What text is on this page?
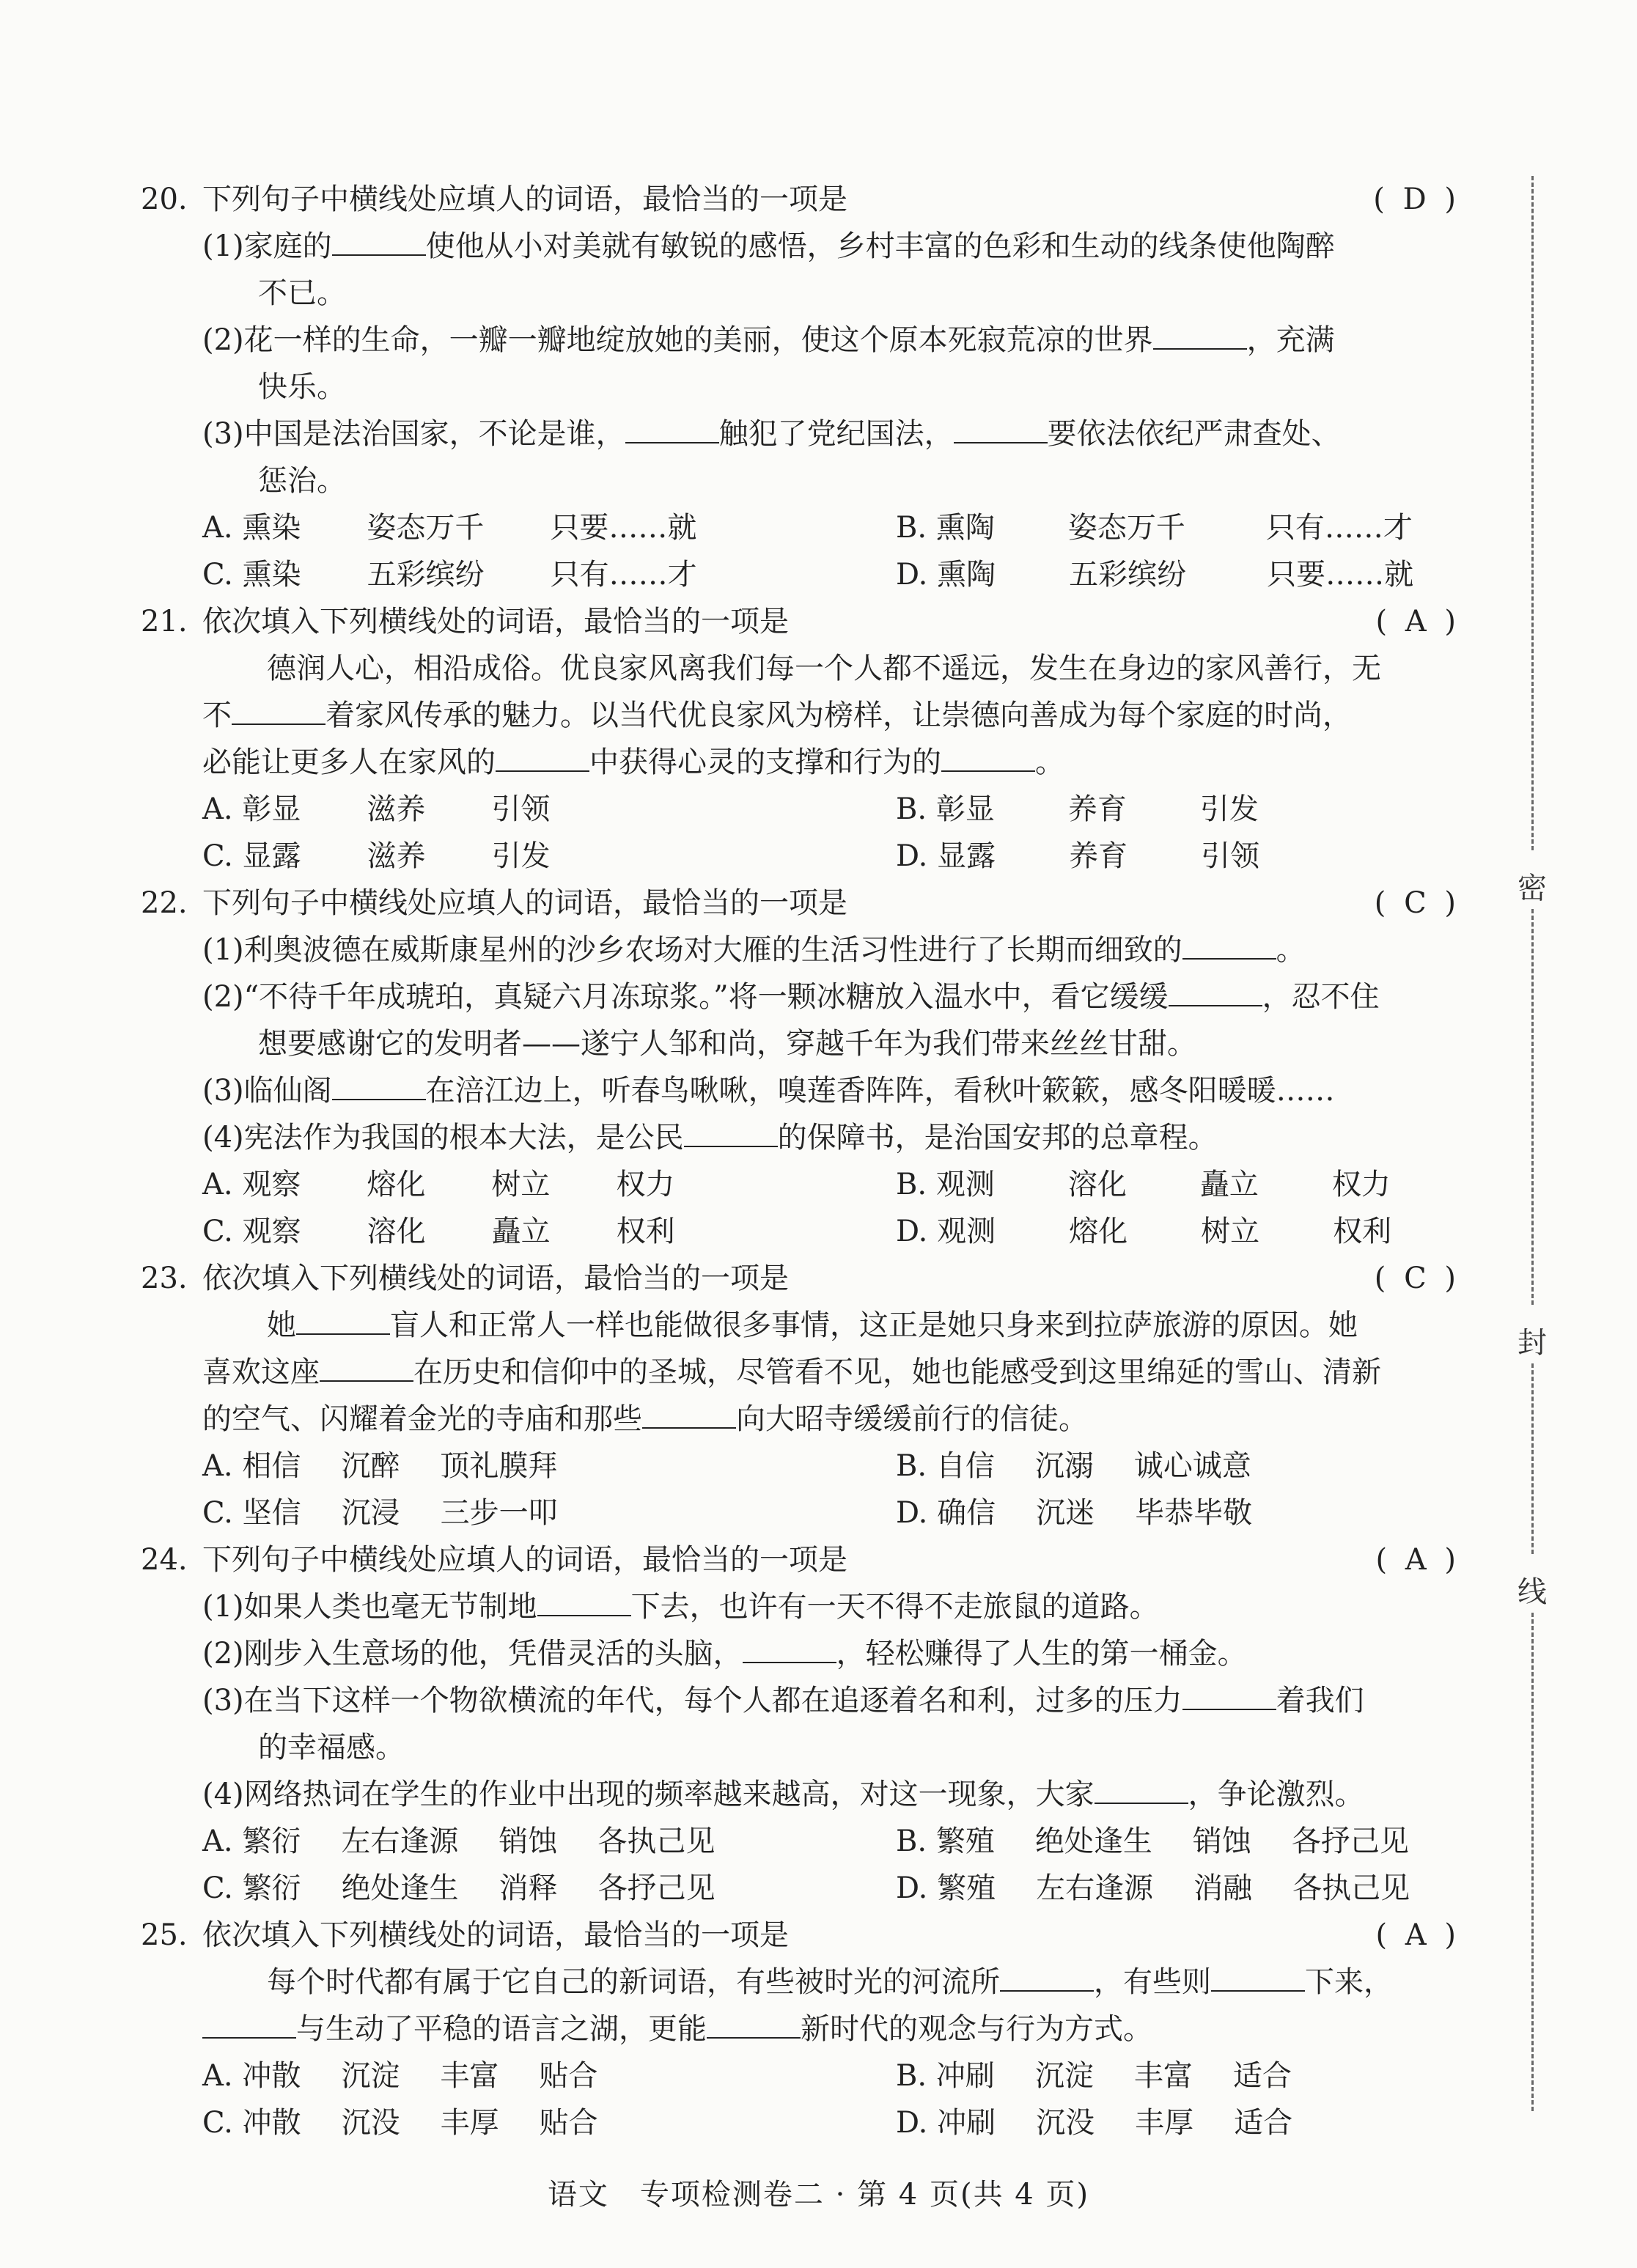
20. 下列句子中横线处应填人的词语，最恰当的一项是	( D )
(1)家庭的	使他从小对美就有敏锐的感悟，乡村丰富的色彩和生动的线条使他陶醉
不已。
(2)花一样的生命，一瓣一瓣地绽放她的美丽，使这个原本死寂荒凉的世界	，充满
快乐。
(3)中国是法治国家，不论是谁，	触犯了党纪国法，	要依法依纪严肃查处、
惩治。
A. 熏染 姿态万千 只要……就	B. 熏陶	姿态万千	只有……才
C. 熏染 五彩缤纷 只有……才	D. 熏陶	五彩缤纷	只要……就
21. 依次填入下列横线处的词语，最恰当的一项是	( A )
德润人心，相沿成俗。优良家风离我们每一个人都不遥远，发生在身边的家风善行，无
不	着家风传承的魅力。以当代优良家风为榜样，让崇德向善成为每个家庭的时尚，
必能让更多人在家风的	中获得心灵的支撑和行为的	。
A. 彰显 滋养 引领	B. 彰显	养育	引发
C. 显露 滋养 引发	D. 显露	养育	引领
22. 下列句子中横线处应填人的词语，最恰当的一项是	( C )
(1)利奥波德在威斯康星州的沙乡农场对大雁的生活习性进行了长期而细致的	。
(2)“不待千年成琥珀，真疑六月冻琼浆。”将一颗冰糖放入温水中，看它缓缓	，忍不住
想要感谢它的发明者——遂宁人邹和尚，穿越千年为我们带来丝丝甘甜。
(3)临仙阁	在涪江边上，听春鸟啾啾，嗅莲香阵阵，看秋叶簌簌，感冬阳暖暖……
(4)宪法作为我国的根本大法，是公民	的保障书，是治国安邦的总章程。
A. 观察 熔化 树立 权力	B. 观测	溶化	矗立	权力
C. 观察 溶化 矗立 权利	D. 观测	熔化	树立	权利
23. 依次填入下列横线处的词语，最恰当的一项是	( C )
她	盲人和正常人一样也能做很多事情，这正是她只身来到拉萨旅游的原因。她
喜欢这座	在历史和信仰中的圣城，尽管看不见，她也能感受到这里绵延的雪山、清新
的空气、闪耀着金光的寺庙和那些	向大昭寺缓缓前行的信徒。
A. 相信 沉醉 顶礼膜拜	B. 自信 沉溺 诚心诚意
C. 坚信 沉浸 三步一叩	D. 确信 沉迷 毕恭毕敬
24. 下列句子中横线处应填人的词语，最恰当的一项是	( A )
(1)如果人类也毫无节制地	下去，也许有一天不得不走旅鼠的道路。
(2)刚步入生意场的他，凭借灵活的头脑，	，轻松赚得了人生的第一桶金。
(3)在当下这样一个物欲横流的年代，每个人都在追逐着名和利，过多的压力	着我们
的幸福感。
(4)网络热词在学生的作业中出现的频率越来越高，对这一现象，大家	，争论激烈。
A. 繁衍 左右逢源 销蚀 各执己见	B. 繁殖 绝处逢生 销蚀 各抒己见
C. 繁衍 绝处逢生 消释 各抒己见	D. 繁殖 左右逢源 消融 各执己见
25. 依次填入下列横线处的词语，最恰当的一项是	( A )
每个时代都有属于它自己的新词语，有些被时光的河流所	，有些则	下来，
与生动了平稳的语言之湖，更能	新时代的观念与行为方式。
A. 冲散 沉淀 丰富 贴合	B. 冲刷 沉淀 丰富 适合
C. 冲散 沉没 丰厚 贴合	D. 冲刷 沉没 丰厚 适合
密
封
线
语文　专项检测卷二 · 第 4 页(共 4 页)
